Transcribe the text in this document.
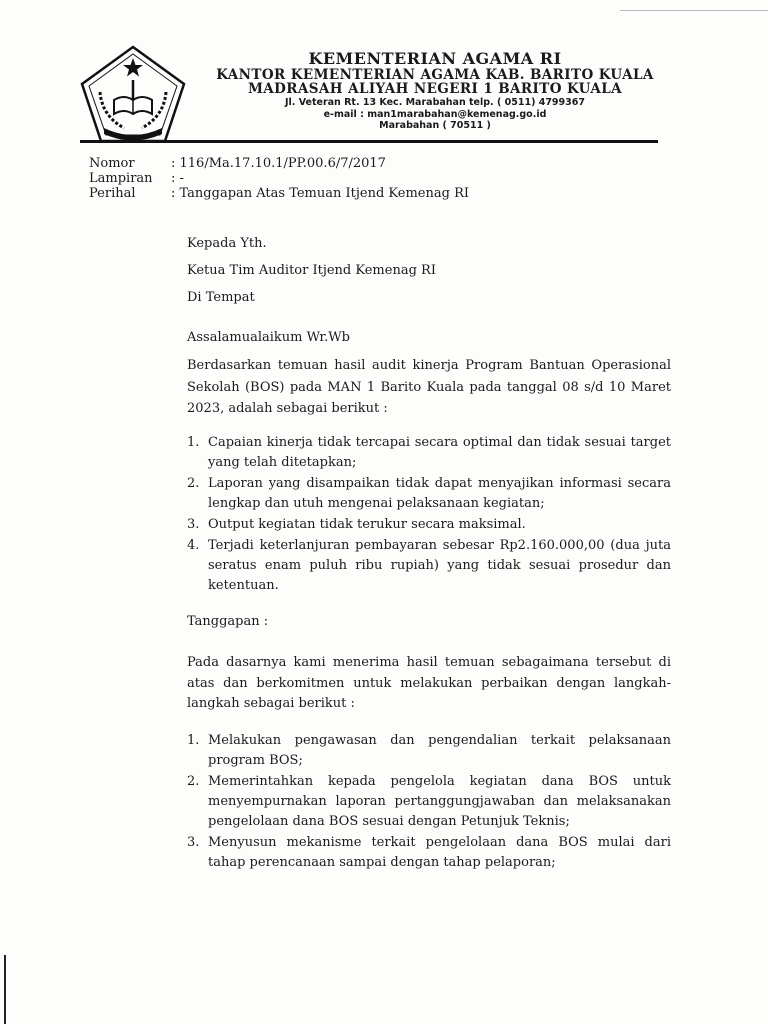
KEMENTERIAN AGAMA RI
KANTOR KEMENTERIAN AGAMA KAB. BARITO KUALA
MADRASAH ALIYAH NEGERI 1 BARITO KUALA
Jl. Veteran Rt. 13 Kec. Marabahan telp. ( 0511) 4799367
e-mail : man1marabahan@kemenag.go.id
Marabahan ( 70511 )
Nomor	: 116/Ma.17.10.1/PP.00.6/7/2017
Lampiran	: -
Perihal	: Tanggapan Atas Temuan Itjend Kemenag RI
Kepada Yth.
Ketua Tim Auditor Itjend Kemenag RI
Di Tempat
Assalamualaikum Wr.Wb
Berdasarkan temuan hasil audit kinerja Program Bantuan Operasional Sekolah (BOS) pada MAN 1 Barito Kuala pada tanggal 08 s/d 10 Maret 2023, adalah sebagai berikut :
1. Capaian kinerja tidak tercapai secara optimal dan tidak sesuai target yang telah ditetapkan;
2. Laporan yang disampaikan tidak dapat menyajikan informasi secara lengkap dan utuh mengenai pelaksanaan kegiatan;
3. Output kegiatan tidak terukur secara maksimal.
4. Terjadi keterlanjuran pembayaran sebesar Rp2.160.000,00 (dua juta seratus enam puluh ribu rupiah) yang tidak sesuai prosedur dan ketentuan.
Tanggapan :
Pada dasarnya kami menerima hasil temuan sebagaimana tersebut di atas dan berkomitmen untuk melakukan perbaikan dengan langkah-langkah sebagai berikut :
1. Melakukan pengawasan dan pengendalian terkait pelaksanaan program BOS;
2. Memerintahkan kepada pengelola kegiatan dana BOS untuk menyempurnakan laporan pertanggungjawaban dan melaksanakan pengelolaan dana BOS sesuai dengan Petunjuk Teknis;
3. Menyusun mekanisme terkait pengelolaan dana BOS mulai dari tahap perencanaan sampai dengan tahap pelaporan;
